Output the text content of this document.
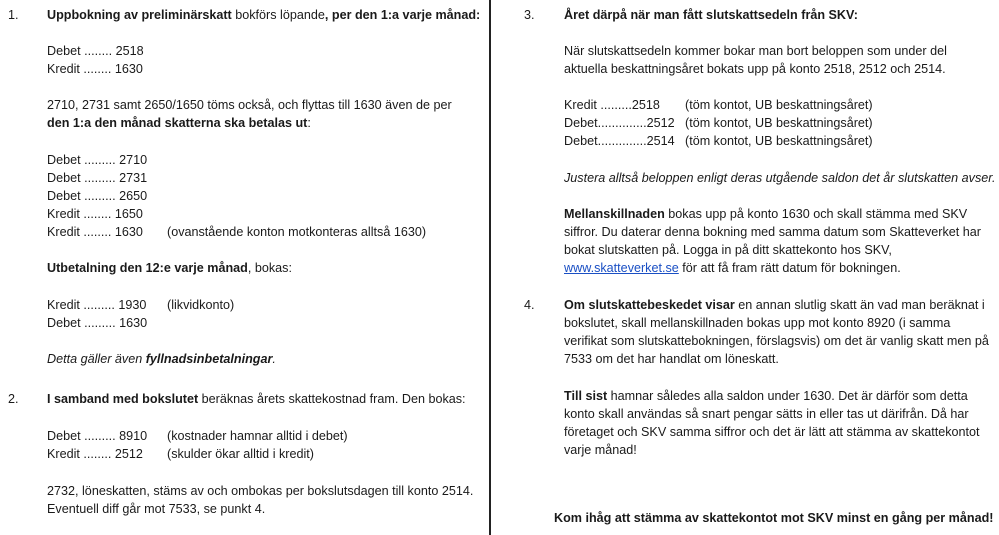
1. Uppbokning av preliminärskatt bokförs löpande, per den 1:a varje månad:
Debet ........ 2518
Kredit ........ 1630
2710, 2731 samt 2650/1650 töms också, och flyttas till 1630 även de per
den 1:a den månad skatterna ska betalas ut:
Debet ......... 2710
Debet ......... 2731
Debet ......... 2650
Kredit ........ 1650
Kredit ........ 1630 (ovanstående konton motkonteras alltså 1630)
Utbetalning den 12:e varje månad, bokas:
Kredit ......... 1930 (likvidkonto)
Debet ......... 1630
Detta gäller även fyllnadsinbetalningar.
2. I samband med bokslutet beräknas årets skattekostnad fram. Den bokas:
Debet ......... 8910 (kostnader hamnar alltid i debet)
Kredit ........ 2512 (skulder ökar alltid i kredit)
2732, löneskatten, stäms av och ombokas per bokslutsdagen till konto 2514.
Eventuell diff går mot 7533, se punkt 4.
3. Året därpå när man fått slutskattsedeln från SKV:
När slutskattsedeln kommer bokar man bort beloppen som under del
aktuella beskattningsåret bokats upp på konto 2518, 2512 och 2514.
Kredit .........2518 (töm kontot, UB beskattningsåret)
Debet..............2512 (töm kontot, UB beskattningsåret)
Debet..............2514 (töm kontot, UB beskattningsåret)
Justera alltså beloppen enligt deras utgående saldon det år slutskatten avser.
Mellanskillnaden bokas upp på konto 1630 och skall stämma med SKV
siffror. Du daterar denna bokning med samma datum som Skatteverket har
bokat slutskatten på. Logga in på ditt skattekonto hos SKV,
www.skatteverket.se för att få fram rätt datum för bokningen.
4. Om slutskattebeskedet visar en annan slutlig skatt än vad man beräknat i
bokslutet, skall mellanskillnaden bokas upp mot konto 8920 (i samma
verifikat som slutskattebokningen, förslagsvis) om det är vanlig skatt men på
7533 om det har handlat om löneskatt.
Till sist hamnar således alla saldon under 1630. Det är därför som detta
konto skall användas så snart pengar sätts in eller tas ut därifrån. Då har
företaget och SKV samma siffror och det är lätt att stämma av skattekontot
varje månad!
Kom ihåg att stämma av skattekontot mot SKV minst en gång per månad!
